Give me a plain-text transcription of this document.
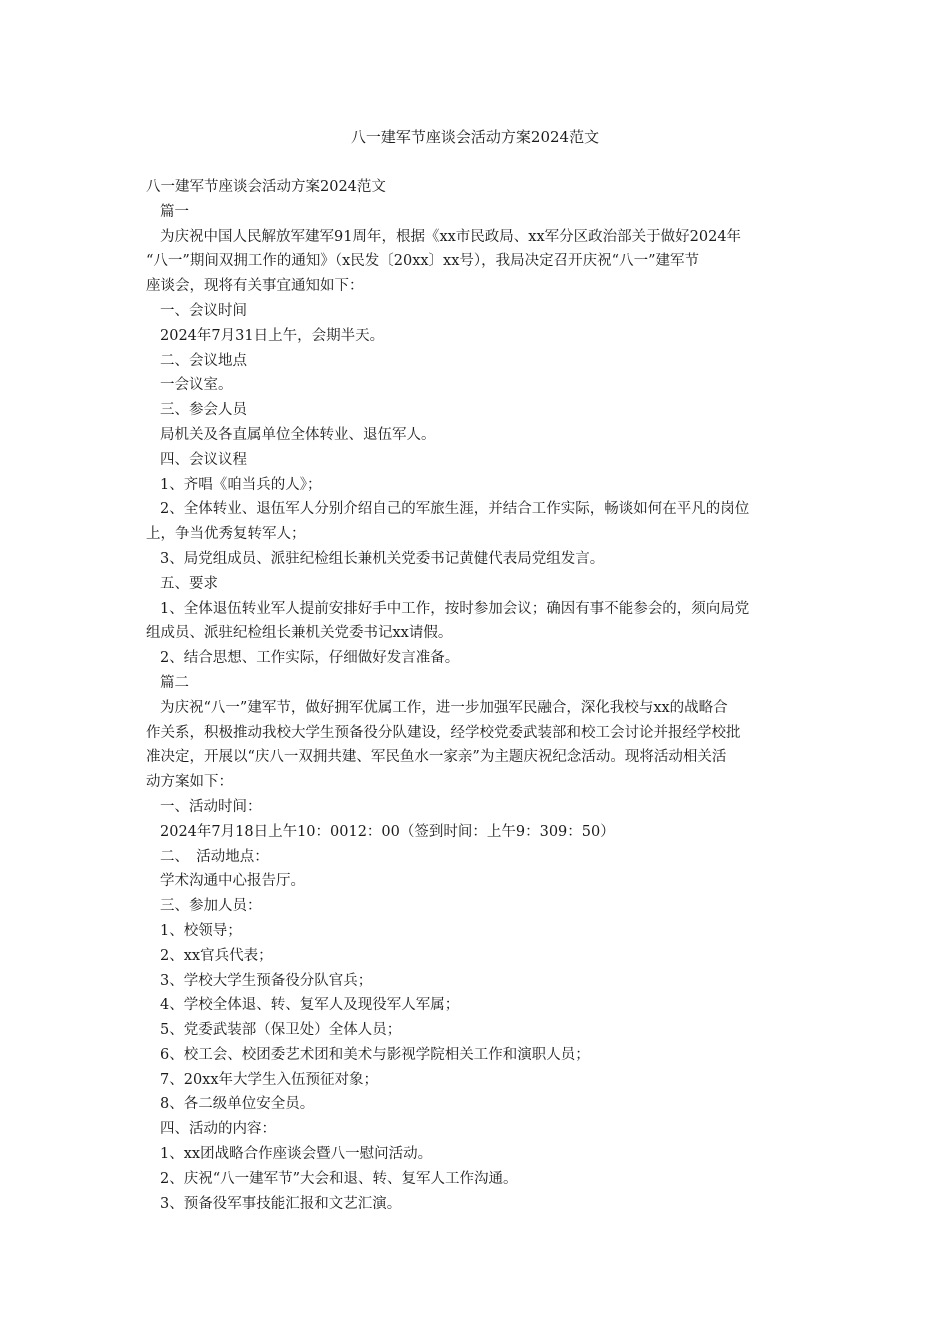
八一建军节座谈会活动方案2024范文
八一建军节座谈会活动方案2024范文
篇一
为庆祝中国人民解放军建军91周年，根据《xx市民政局、xx军分区政治部关于做好2024年
“八一”期间双拥工作的通知》（x民发〔20xx〕xx号），我局决定召开庆祝“八一”建军节
座谈会，现将有关事宜通知如下：
一、会议时间
2024年7月31日上午，会期半天。
二、会议地点
一会议室。
三、参会人员
局机关及各直属单位全体转业、退伍军人。
四、会议议程
1、齐唱《咱当兵的人》；
2、全体转业、退伍军人分别介绍自己的军旅生涯，并结合工作实际，畅谈如何在平凡的岗位
上，争当优秀复转军人；
3、局党组成员、派驻纪检组长兼机关党委书记黄健代表局党组发言。
五、要求
1、全体退伍转业军人提前安排好手中工作，按时参加会议；确因有事不能参会的，须向局党
组成员、派驻纪检组长兼机关党委书记xx请假。
2、结合思想、工作实际，仔细做好发言准备。
篇二
为庆祝“八一”建军节，做好拥军优属工作，进一步加强军民融合，深化我校与xx的战略合
作关系，积极推动我校大学生预备役分队建设，经学校党委武装部和校工会讨论并报经学校批
准决定，开展以“庆八一双拥共建、军民鱼水一家亲”为主题庆祝纪念活动。现将活动相关活
动方案如下：
一、活动时间：
2024年7月18日上午10：0012：00（签到时间：上午9：309：50）
二、　活动地点：
学术沟通中心报告厅。
三、参加人员：
1、校领导；
2、xx官兵代表；
3、学校大学生预备役分队官兵；
4、学校全体退、转、复军人及现役军人军属；
5、党委武装部（保卫处）全体人员；
6、校工会、校团委艺术团和美术与影视学院相关工作和演职人员；
7、20xx年大学生入伍预征对象；
8、各二级单位安全员。
四、活动的内容：
1、xx团战略合作座谈会暨八一慰问活动。
2、庆祝“八一建军节”大会和退、转、复军人工作沟通。
3、预备役军事技能汇报和文艺汇演。
